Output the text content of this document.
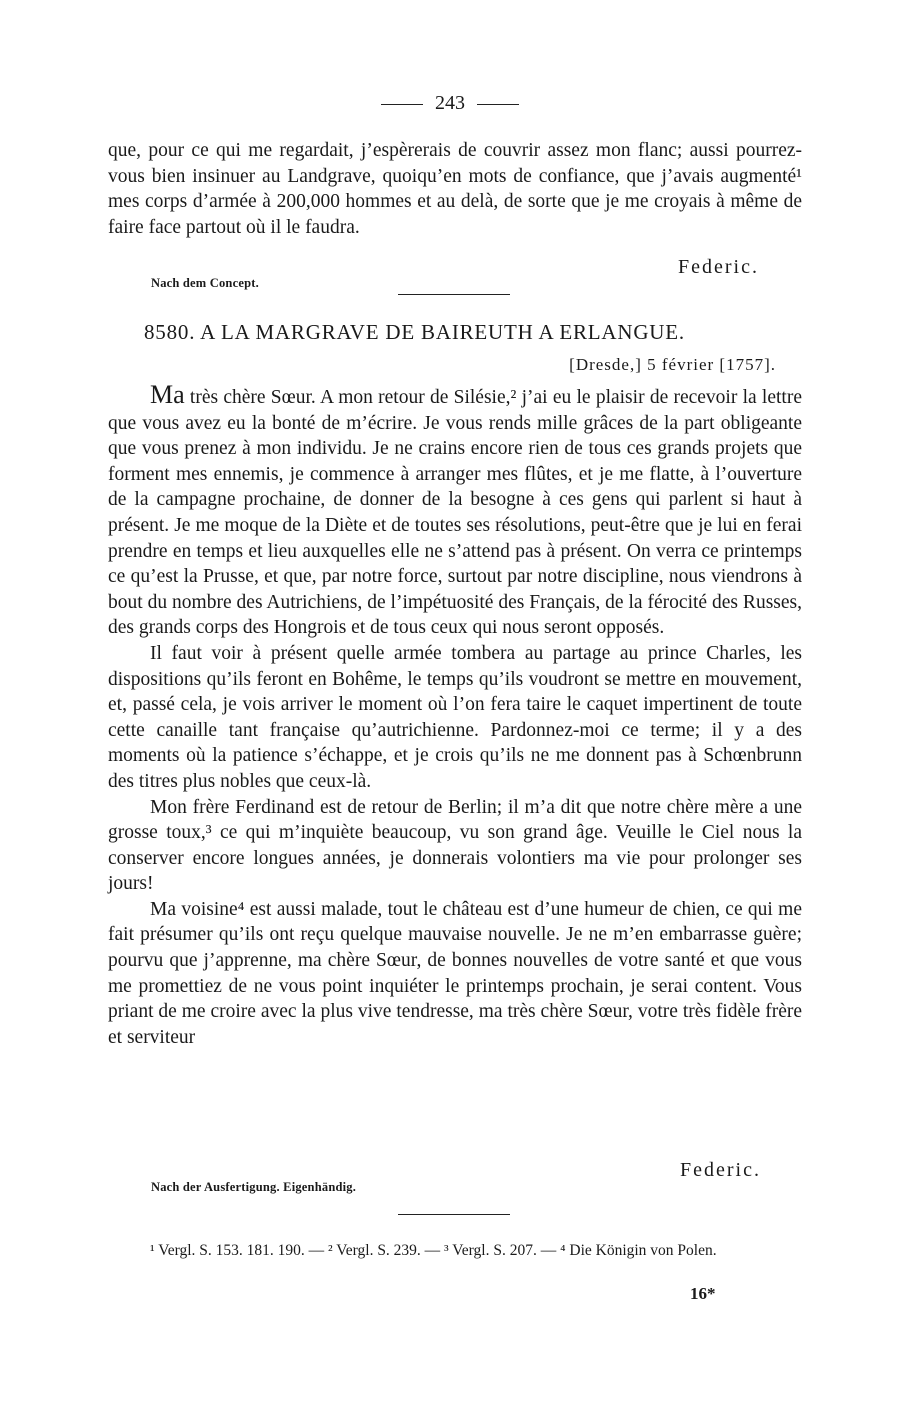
243

que, pour ce qui me regardait, j’espèrerais de couvrir assez mon flanc; aussi pourrez-vous bien insinuer au Landgrave, quoiqu’en mots de confiance, que j’avais augmenté¹ mes corps d’armée à 200,000 hommes et au delà, de sorte que je me croyais à même de faire face partout où il le faudra.

Federic.
Nach dem Concept.
8580. A LA MARGRAVE DE BAIREUTH A ERLANGUE.
[Dresde,] 5 février [1757].

Ma très chère Sœur. A mon retour de Silésie,² j’ai eu le plaisir de recevoir la lettre que vous avez eu la bonté de m’écrire. Je vous rends mille grâces de la part obligeante que vous prenez à mon individu. Je ne crains encore rien de tous ces grands projets que forment mes ennemis, je commence à arranger mes flûtes, et je me flatte, à l’ouverture de la campagne prochaine, de donner de la besogne à ces gens qui parlent si haut à présent. Je me moque de la Diète et de toutes ses résolutions, peut-être que je lui en ferai prendre en temps et lieu auxquelles elle ne s’attend pas à présent. On verra ce printemps ce qu’est la Prusse, et que, par notre force, surtout par notre discipline, nous viendrons à bout du nombre des Autrichiens, de l’impétuosité des Français, de la férocité des Russes, des grands corps des Hongrois et de tous ceux qui nous seront opposés.

Il faut voir à présent quelle armée tombera au partage au prince Charles, les dispositions qu’ils feront en Bohême, le temps qu’ils voudront se mettre en mouvement, et, passé cela, je vois arriver le moment où l’on fera taire le caquet impertinent de toute cette canaille tant française qu’autrichienne. Pardonnez-moi ce terme; il y a des moments où la patience s’échappe, et je crois qu’ils ne me donnent pas à Schœnbrunn des titres plus nobles que ceux-là.

Mon frère Ferdinand est de retour de Berlin; il m’a dit que notre chère mère a une grosse toux,³ ce qui m’inquiète beaucoup, vu son grand âge. Veuille le Ciel nous la conserver encore longues années, je donnerais volontiers ma vie pour prolonger ses jours!

Ma voisine⁴ est aussi malade, tout le château est d’une humeur de chien, ce qui me fait présumer qu’ils ont reçu quelque mauvaise nouvelle. Je ne m’en embarrasse guère; pourvu que j’apprenne, ma chère Sœur, de bonnes nouvelles de votre santé et que vous me promettiez de ne vous point inquiéter le printemps prochain, je serai content. Vous priant de me croire avec la plus vive tendresse, ma très chère Sœur, votre très fidèle frère et serviteur

Federic.
Nach der Ausfertigung. Eigenhändig.

¹ Vergl. S. 153. 181. 190. — ² Vergl. S. 239. — ³ Vergl. S. 207. — ⁴ Die Königin von Polen.

16*
